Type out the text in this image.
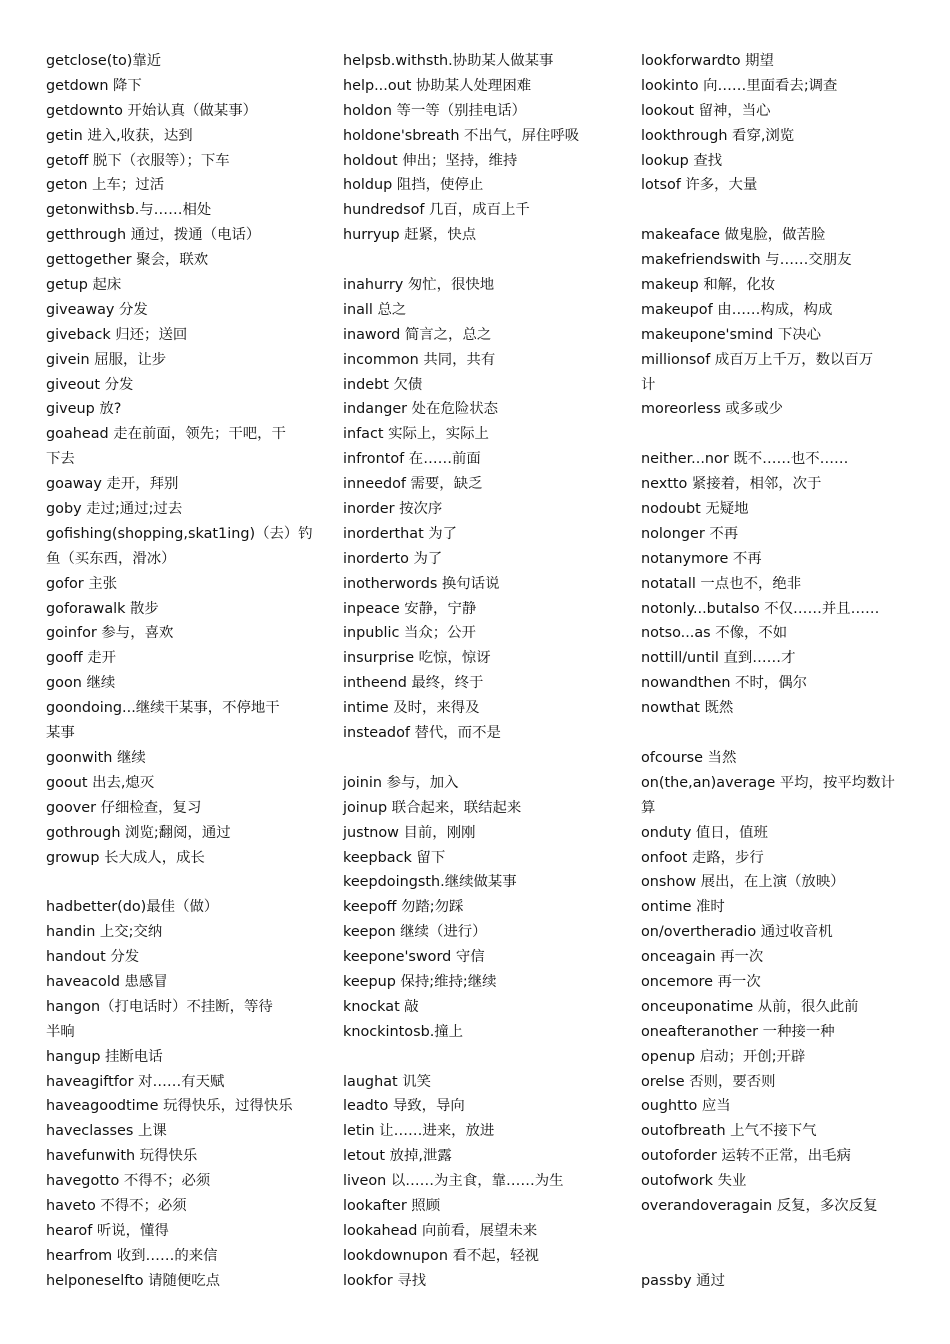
getclose(to)靠近
getdown 降下
getdownto 开始认真（做某事）
getin 进入,收获，达到
getoff 脱下（衣服等）；下车
geton 上车；过活
getonwithsb.与……相处
getthrough 通过，拨通（电话）
gettogether 聚会，联欢
getup 起床
giveaway 分发
giveback 归还；送回
givein 屈服，让步
giveout 分发
giveup 放?
goahead 走在前面，领先；干吧，干
下去
goaway 走开，拜别
goby 走过;通过;过去
gofishing(shopping,skat1ing)（去）钓
鱼（买东西，滑冰）
gofor 主张
goforawalk 散步
goinfor 参与，喜欢
gooff 走开
goon 继续
goondoing...继续干某事，不停地干
某事
goonwith 继续
goout 出去,熄灭
goover 仔细检查，复习
gothrough 浏览;翻阅，通过
growup 长大成人，成长
hadbetter(do)最佳（做）
handin 上交;交纳
handout 分发
haveacold 患感冒
hangon（打电话时）不挂断，等待
半晌
hangup 挂断电话
haveagiftfor 对……有天赋
haveagoodtime 玩得快乐，过得快乐
haveclasses 上课
havefunwith 玩得快乐
havegotto 不得不；必须
haveto 不得不；必须
hearof 听说，懂得
hearfrom 收到……的来信
helponeselfto 请随便吃点
helpsb.withsth.协助某人做某事
help...out 协助某人处理困难
holdon 等一等（别挂电话）
holdone'sbreath 不出气，屏住呼吸
holdout 伸出；坚持，维持
holdup 阻挡，使停止
hundredsof 几百，成百上千
hurryup 赶紧，快点
inahurry 匆忙，很快地
inall 总之
inaword 简言之，总之
incommon 共同，共有
indebt 欠债
indanger 处在危险状态
infact 实际上，实际上
infrontof 在……前面
inneedof 需要，缺乏
inorder 按次序
inorderthat 为了
inorderto 为了
inotherwords 换句话说
inpeace 安静，宁静
inpublic 当众；公开
insurprise 吃惊，惊讶
intheend 最终，终于
intime 及时，来得及
insteadof 替代，而不是
joinin 参与，加入
joinup 联合起来，联结起来
justnow 目前，刚刚
keepback 留下
keepdoingsth.继续做某事
keepoff 勿踏;勿踩
keepon 继续（进行）
keepone'sword 守信
keepup 保持;维持;继续
knockat 敲
knockintosb.撞上
laughat 讥笑
leadto 导致，导向
letin 让……进来，放进
letout 放掉,泄露
liveon 以……为主食，靠……为生
lookafter 照顾
lookahead 向前看，展望未来
lookdownupon 看不起，轻视
lookfor 寻找
lookforwardto 期望
lookinto 向……里面看去;调查
lookout 留神，当心
lookthrough 看穿,浏览
lookup 查找
lotsof 许多，大量
makeaface 做鬼脸，做苦脸
makefriendswith 与……交朋友
makeup 和解，化妆
makeupof 由……构成，构成
makeupone'smind 下决心
millionsof 成百万上千万，数以百万
计
moreorless 或多或少
neither...nor 既不……也不……
nextto 紧接着，相邻，次于
nodoubt 无疑地
nolonger 不再
notanymore 不再
notatall 一点也不，绝非
notonly...butalso 不仅……并且……
notso...as 不像，不如
nottill/until 直到……才
nowandthen 不时，偶尔
nowthat 既然
ofcourse 当然
on(the,an)average 平均，按平均数计
算
onduty 值日，值班
onfoot 走路，步行
onshow 展出，在上演（放映）
ontime 准时
on/overtheradio 通过收音机
onceagain 再一次
oncemore 再一次
onceuponatime 从前，很久此前
oneafteranother 一种接一种
openup 启动；开创;开辟
orelse 否则，要否则
oughtto 应当
outofbreath 上气不接下气
outoforder 运转不正常，出毛病
outofwork 失业
overandoveragain 反复，多次反复
passby 通过
